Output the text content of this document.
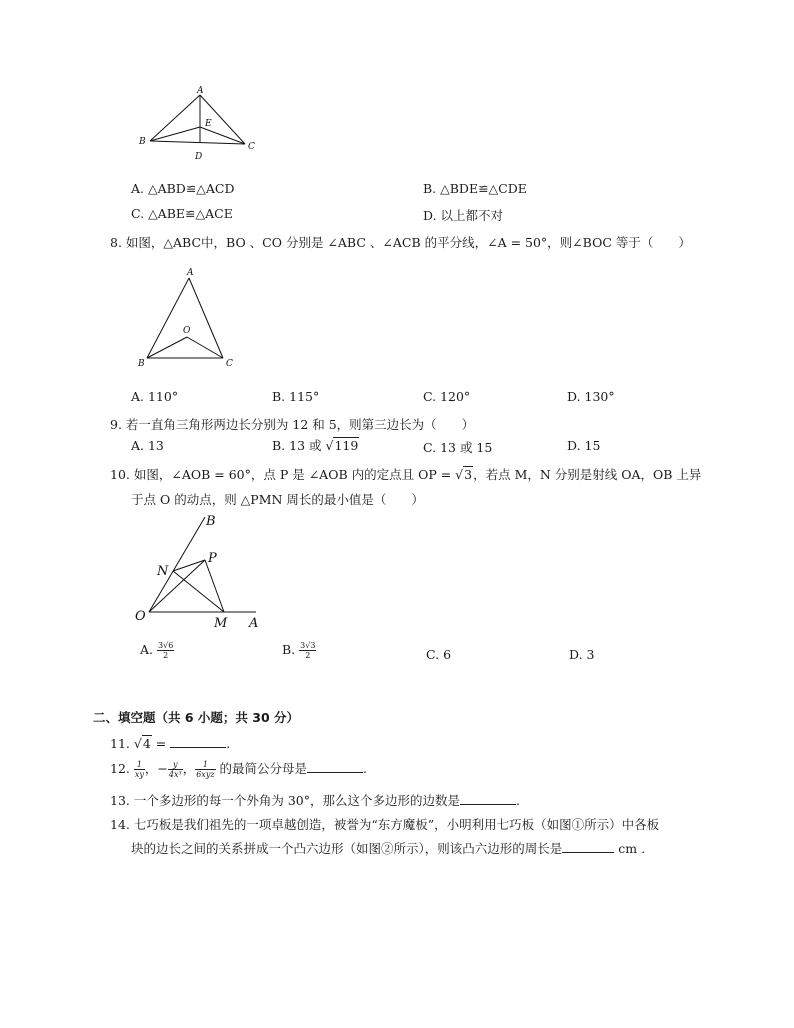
A
B	C
D
E
A. △ABD≌△ACD	B. △BDE≌△CDE
C. △ABE≌△ACE	D. 以上都不对
8. 如图，△ABC中，BO 、CO 分别是 ∠ABC 、∠ACB 的平分线，∠A = 50°，则∠BOC 等于（　　）
A
B	C
O
A. 110°	B. 115°	C. 120°	D. 130°
9. 若一直角三角形两边长分别为 12 和 5，则第三边长为（　　）
A. 13	B. 13 或 √119	C. 13 或 15	D. 15
10. 如图，∠AOB = 60°，点 P 是 ∠AOB 内的定点且 OP = √3，若点 M，N 分别是射线 OA，OB 上异
于点 O 的动点，则 △PMN 周长的最小值是（　　）
B
P
N
O	M A
A. $\frac{3√6}{2}$	B. $\frac{3√3}{2}$	C. 6	D. 3
二、填空题（共 6 小题；共 30 分）
11. √4 =	.
12. $\frac{1}{xy}$ ，− $\frac{y}{\text{4x³}}$ ， $\frac{1}{\text{6xyz}}$ 的最简公分母是	.
13. 一个多边形的每一个外角为 30°，那么这个多边形的边数是	.
14. 七巧板是我们祖先的一项卓越创造，被誉为“东方魔板”，小明利用七巧板（如图①所示）中各板
块的边长之间的关系拼成一个凸六边形（如图②所示），则该凸六边形的周长是	cm .
